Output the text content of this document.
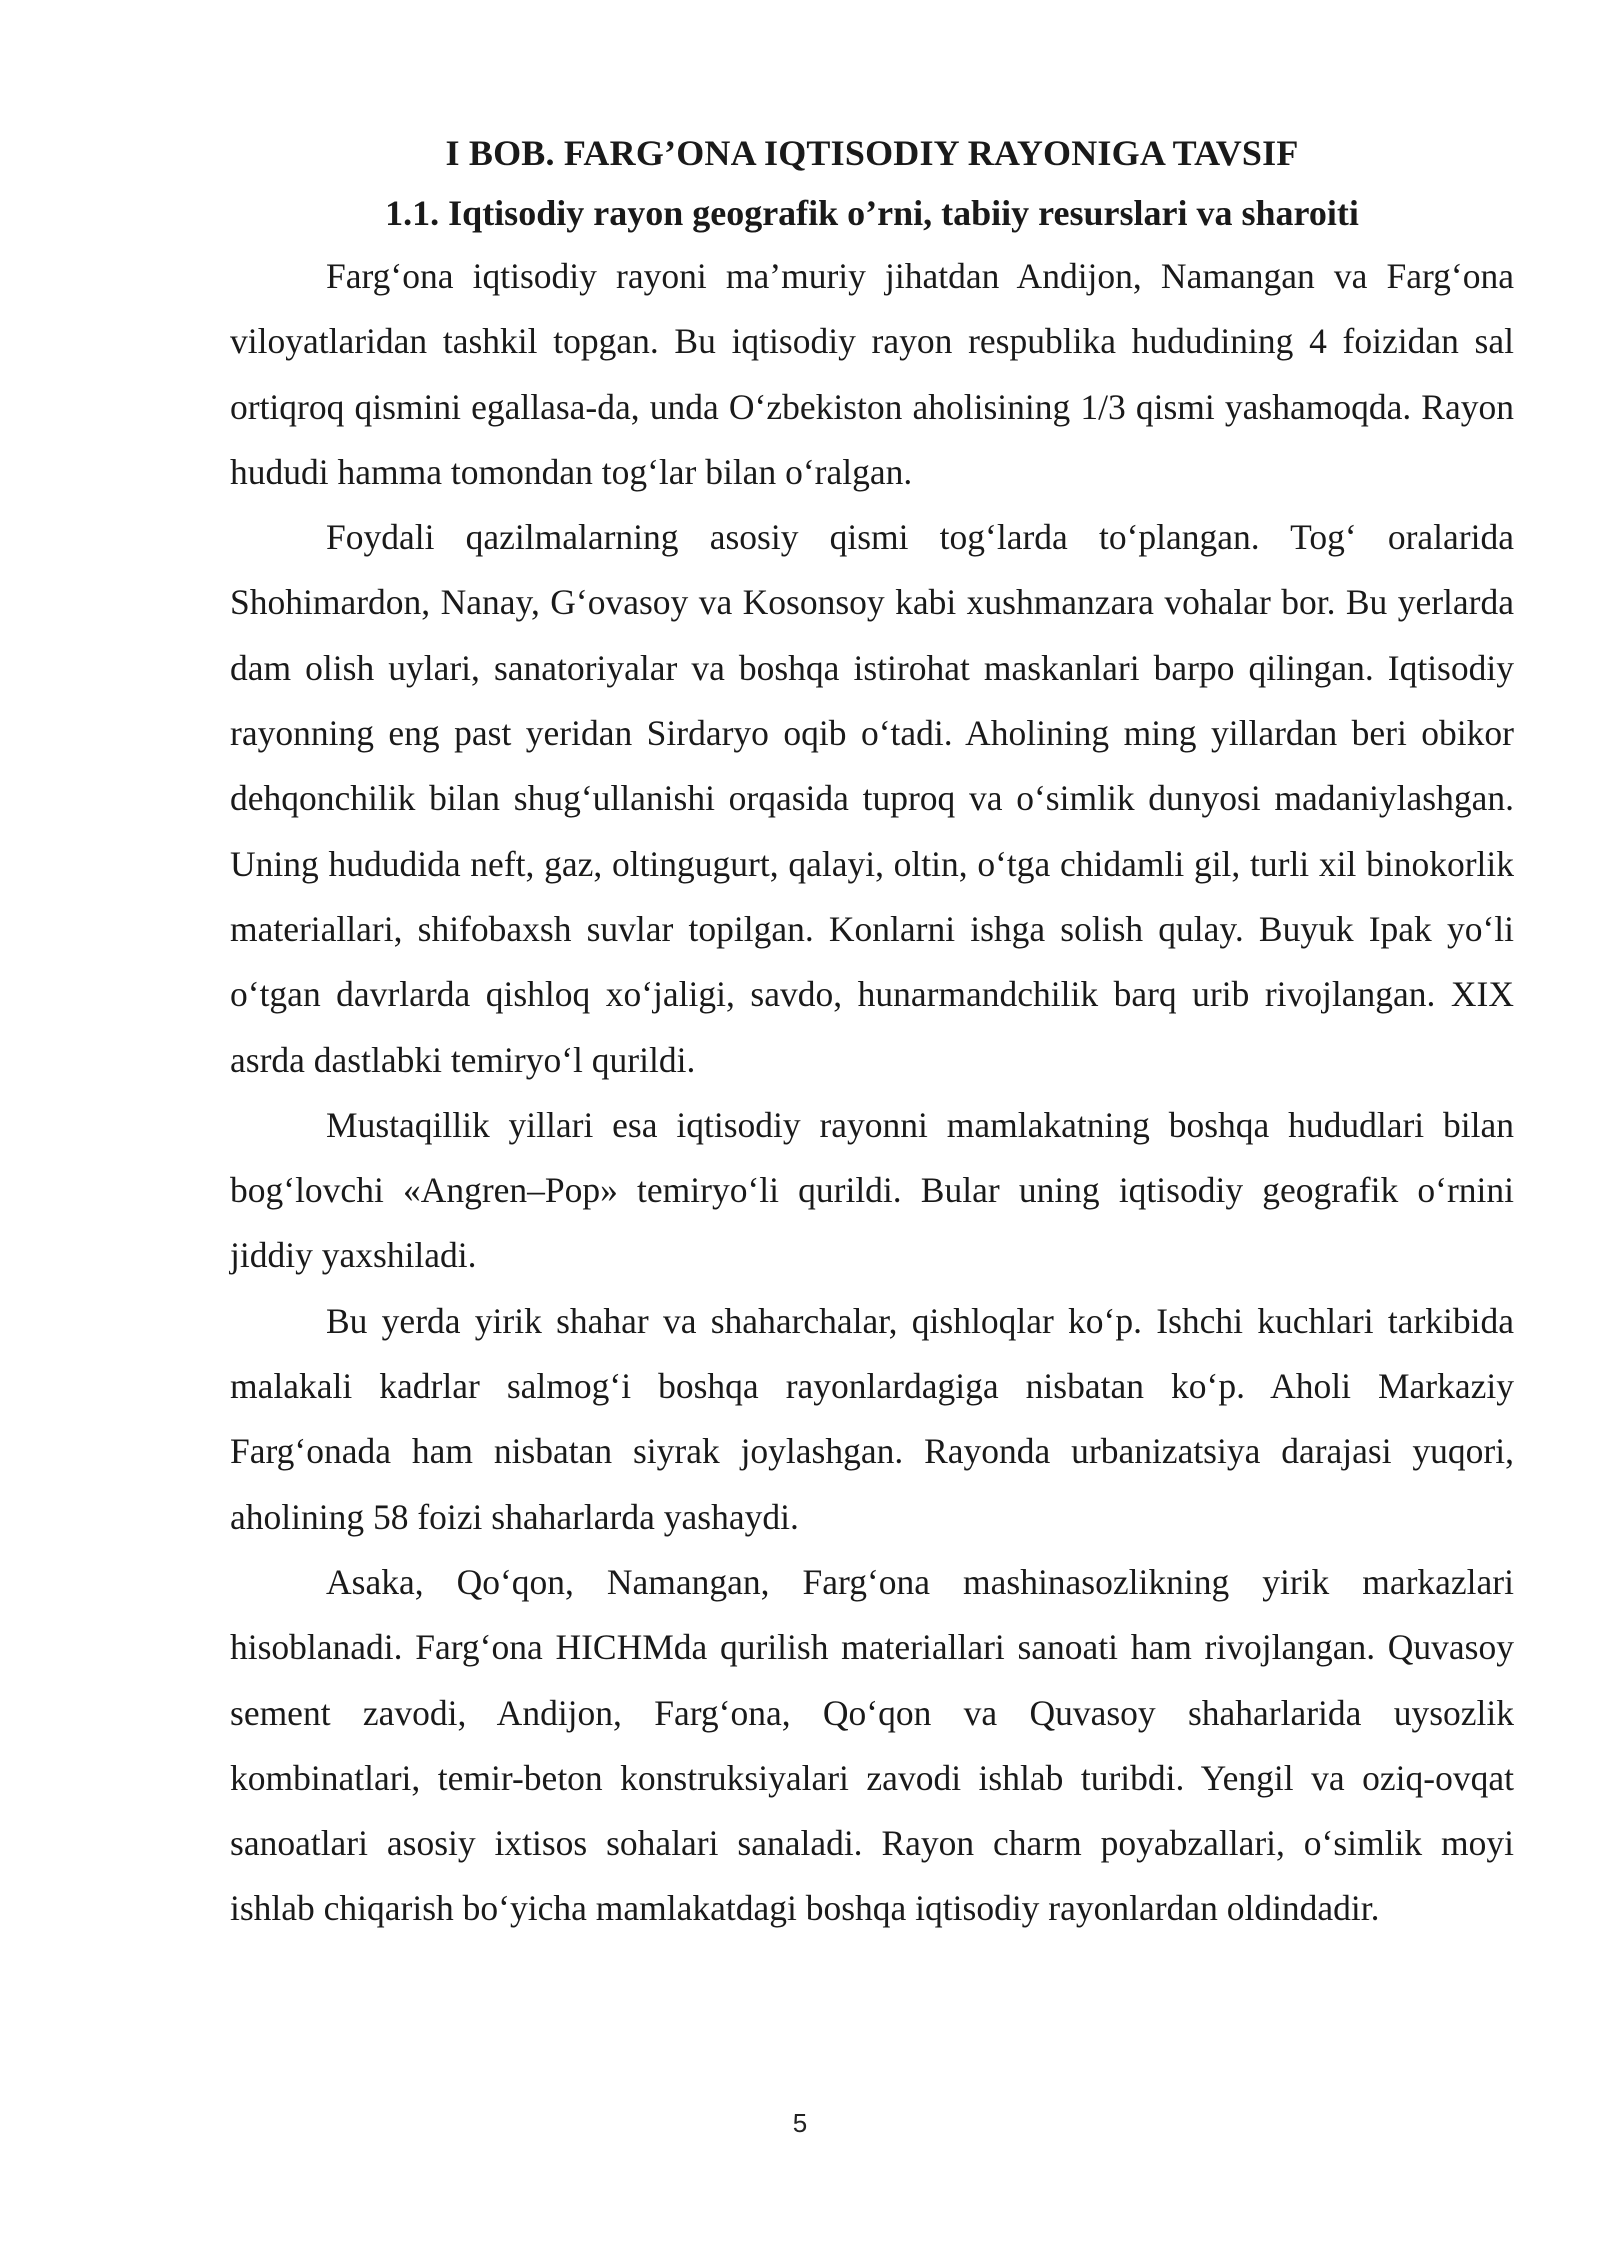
I BOB. FARG’ONA IQTISODIY RAYONIGA TAVSIF
1.1. Iqtisodiy rayon geografik o’rni, tabiiy resurslari va sharoiti

Farg‘ona iqtisodiy rayoni ma’muriy jihatdan Andijon, Namangan va Farg‘ona viloyatlaridan tashkil topgan. Bu iqtisodiy rayon respublika hududining 4 foizidan sal ortiqroq qismini egallasa-da, unda O‘zbekiston aholisining 1/3 qismi yashamoqda. Rayon hududi hamma tomondan tog‘lar bilan o‘ralgan.

Foydali qazilmalarning asosiy qismi tog‘larda to‘plangan. Tog‘ oralarida Shohimardon, Nanay, G‘ovasoy va Kosonsoy kabi xushmanzara vohalar bor. Bu yerlarda dam olish uylari, sanatoriyalar va boshqa istirohat maskanlari barpo qilingan. Iqtisodiy rayonning eng past yeridan Sirdaryo oqib o‘tadi. Aholining ming yillardan beri obikor dehqonchilik bilan shug‘ullanishi orqasida tuproq va o‘simlik dunyosi madaniylashgan. Uning hududida neft, gaz, oltingugurt, qalayi, oltin, o‘tga chidamli gil, turli xil binokorlik materiallari, shifobaxsh suvlar topilgan. Konlarni ishga solish qulay. Buyuk Ipak yo‘li o‘tgan davrlarda qishloq xo‘jaligi, savdo, hunarmandchilik barq urib rivojlangan. XIX asrda dastlabki temiryo‘l qurildi.

Mustaqillik yillari esa iqtisodiy rayonni mamlakatning boshqa hududlari bilan bog‘lovchi «Angren–Pop» temiryo‘li qurildi. Bular uning iqtisodiy geografik o‘rnini jiddiy yaxshiladi.

Bu yerda yirik shahar va shaharchalar, qishloqlar ko‘p. Ishchi kuchlari tarkibida malakali kadrlar salmog‘i boshqa rayonlardagiga nisbatan ko‘p. Aholi Markaziy Farg‘onada ham nisbatan siyrak joylashgan. Rayonda urbanizatsiya darajasi yuqori, aholining 58 foizi shaharlarda yashaydi.

Asaka, Qo‘qon, Namangan, Farg‘ona mashinasozlikning yirik markazlari hisoblanadi. Farg‘ona HICHMda qurilish materiallari sanoati ham rivojlangan. Quvasoy sement zavodi, Andijon, Farg‘ona, Qo‘qon va Quvasoy shaharlarida uysozlik kombinatlari, temir-beton konstruksiyalari zavodi ishlab turibdi. Yengil va oziq-ovqat sanoatlari asosiy ixtisos sohalari sanaladi. Rayon charm poyabzallari, o‘simlik moyi ishlab chiqarish bo‘yicha mamlakatdagi boshqa iqtisodiy rayonlardan oldindadir.

5
